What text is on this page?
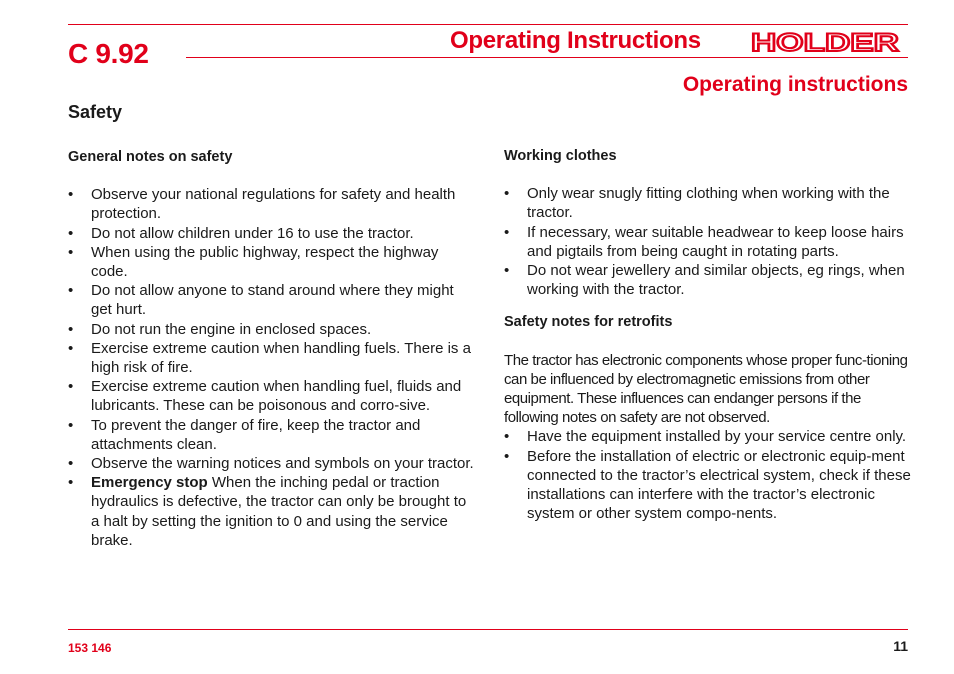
C 9.92	Operating Instructions HOLDER
Operating instructions
Safety
General notes on safety
• Observe your national regulations for safety and health protection.
• Do not allow children under 16 to use the tractor.
• When using the public highway, respect the highway code.
• Do not allow anyone to stand around where they might get hurt.
• Do not run the engine in enclosed spaces.
• Exercise extreme caution when handling fuels. There is a high risk of fire.
• Exercise extreme caution when handling fuel, fluids and lubricants. These can be poisonous and corro-sive.
• To prevent the danger of fire, keep the tractor and attachments clean.
• Observe the warning notices and symbols on your tractor.
• Emergency stop When the inching pedal or traction hydraulics is defective, the tractor can only be brought to a halt by setting the ignition to 0 and using the service brake.
Working clothes
• Only wear snugly fitting clothing when working with the tractor.
• If necessary, wear suitable headwear to keep loose hairs and pigtails from being caught in rotating parts.
• Do not wear jewellery and similar objects, eg rings, when working with the tractor.
Safety notes for retrofits

The tractor has electronic components whose proper func-tioning can be influenced by electromagnetic emissions from other equipment. These influences can endanger persons if the following notes on safety are not observed.

• Have the equipment installed by your service centre only.
• Before the installation of electric or electronic equip-ment connected to the tractor’s electrical system, check if these installations can interfere with the tractor’s electronic system or other system compo-nents.
153 146	11
